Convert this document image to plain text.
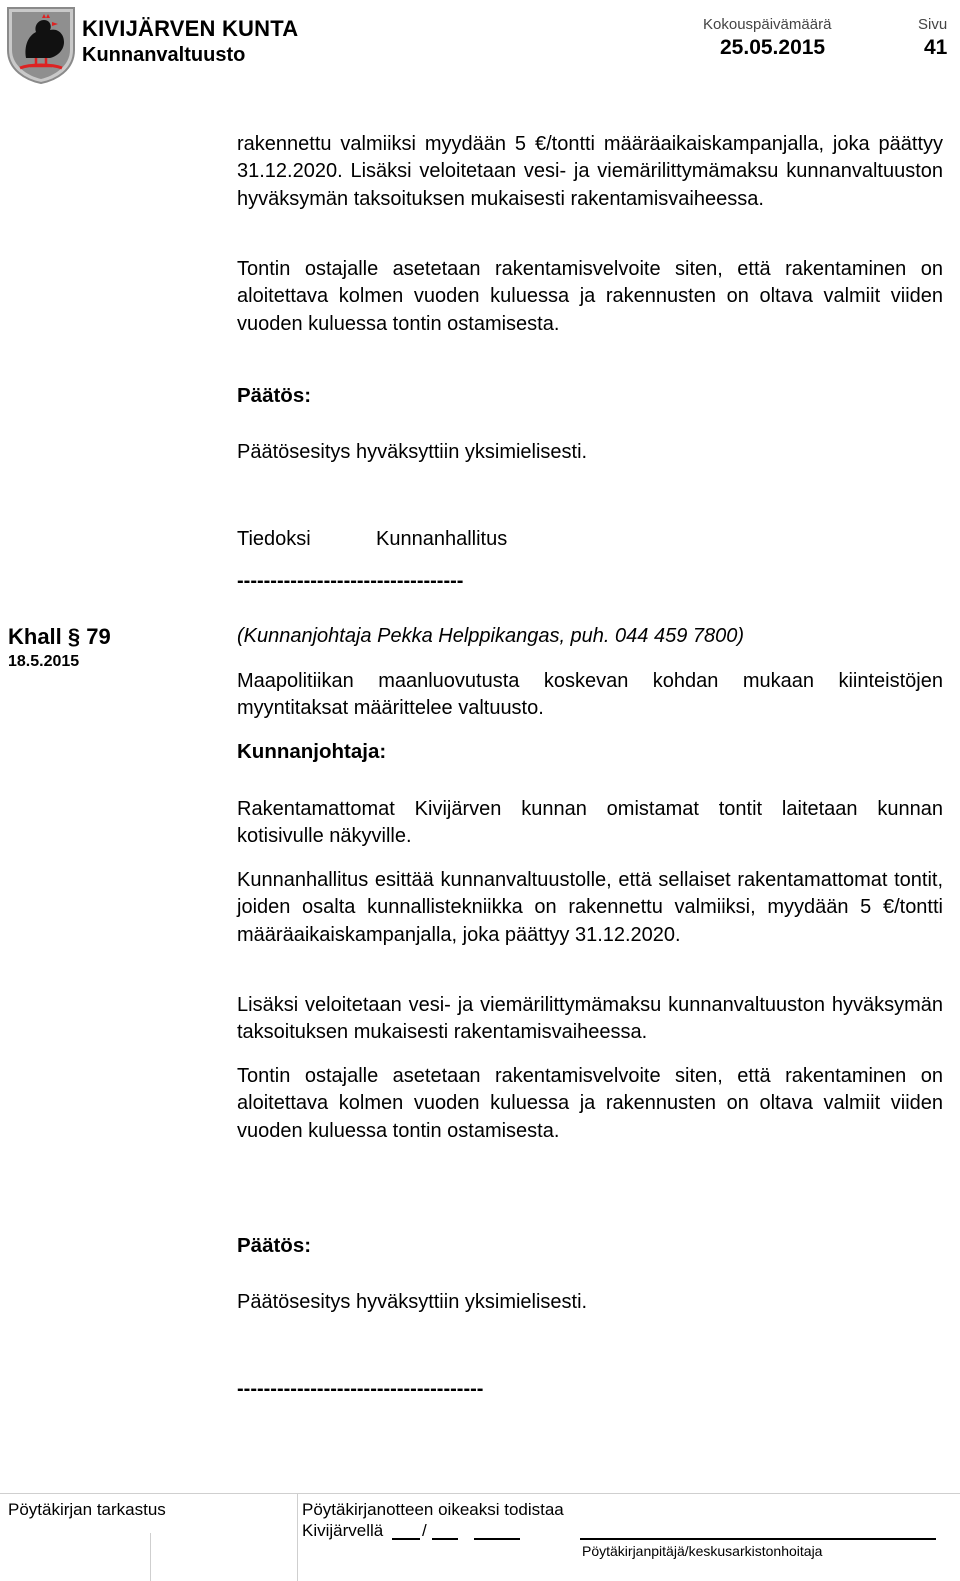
KIVIJÄRVEN KUNTA
Kunnanvaltuusto
Kokouspäivämäärä
25.05.2015
Sivu
41

rakennettu valmiiksi myydään 5 €/tontti määräaikaiskampanjalla, joka päättyy 31.12.2020. Lisäksi veloitetaan vesi- ja viemärilittymämaksu kunnanvaltuuston hyväksymän taksoituksen mukaisesti rakentamisvaiheessa.

Tontin ostajalle asetetaan rakentamisvelvoite siten, että rakentaminen on aloitettava kolmen vuoden kuluessa ja rakennusten on oltava valmiit viiden vuoden kuluessa tontin ostamisesta.

Päätös:
Päätösesitys hyväksyttiin yksimielisesti.
Tiedoksi	Kunnanhallitus
----------------------------------
Khall § 79
18.5.2015
(Kunnanjohtaja Pekka Helppikangas, puh. 044 459 7800)

Maapolitiikan maanluovutusta koskevan kohdan mukaan kiinteistöjen myyntitaksat määrittelee valtuusto.

Kunnanjohtaja:

Rakentamattomat Kivijärven kunnan omistamat tontit laitetaan kunnan kotisivulle näkyville.

Kunnanhallitus esittää kunnanvaltuustolle, että sellaiset rakentamattomat tontit, joiden osalta kunnallistekniikka on rakennettu valmiiksi, myydään 5 €/tontti määräaikaiskampanjalla, joka päättyy 31.12.2020.

Lisäksi veloitetaan vesi- ja viemärilittymämaksu kunnanvaltuuston hyväksymän taksoituksen mukaisesti rakentamisvaiheessa.

Tontin ostajalle asetetaan rakentamisvelvoite siten, että rakentaminen on aloitettava kolmen vuoden kuluessa ja rakennusten on oltava valmiit viiden vuoden kuluessa tontin ostamisesta.

Päätös:
Päätösesitys hyväksyttiin yksimielisesti.
-------------------------------------
Pöytäkirjan tarkastus	Pöytäkirjanotteen oikeaksi todistaa
Kivijärvellä /
Pöytäkirjanpitäjä/keskusarkistonhoitaja
